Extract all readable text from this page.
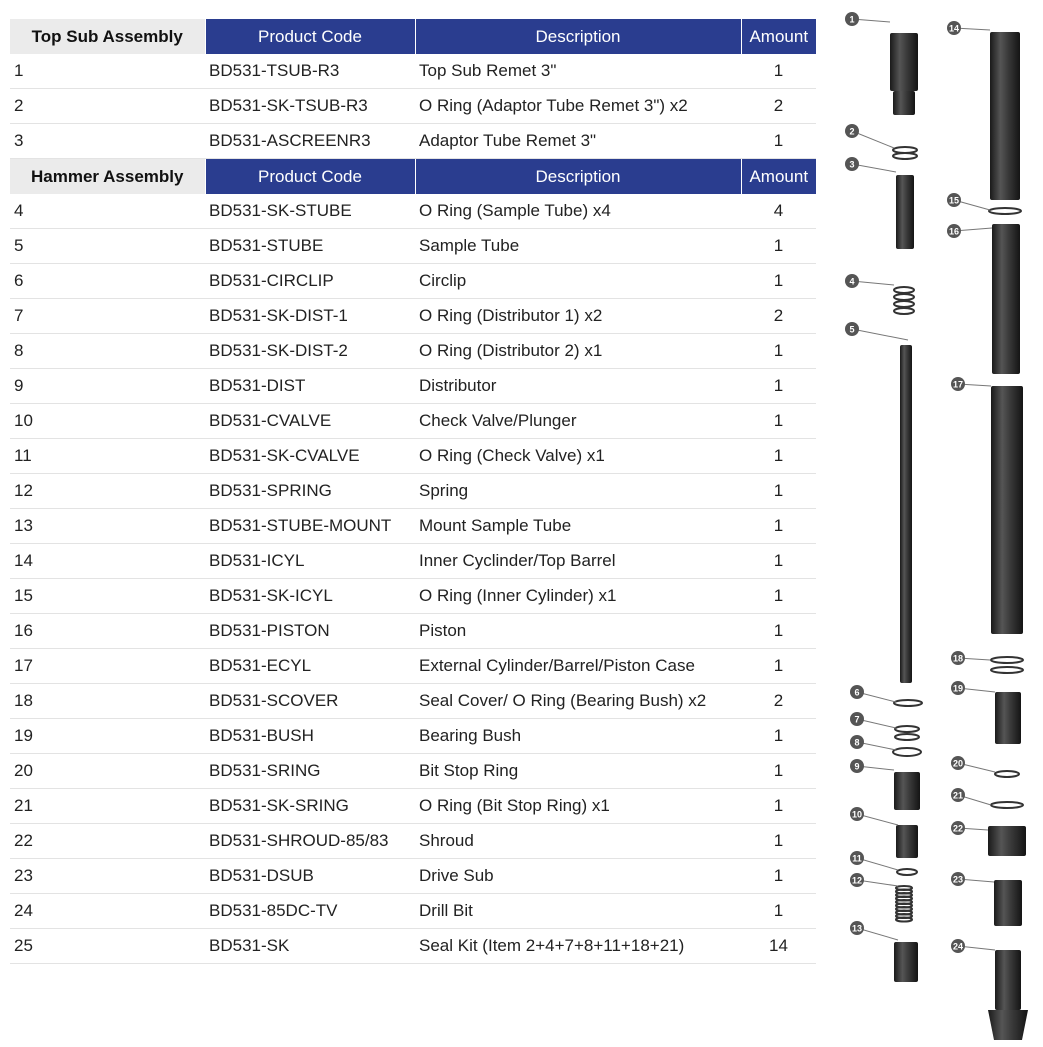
Top Sub Assembly	Product Code	Description	Amount
1	BD531-TSUB-R3	Top Sub Remet 3"	1
2	BD531-SK-TSUB-R3	O Ring (Adaptor Tube Remet 3") x2	2
3	BD531-ASCREENR3	Adaptor Tube Remet 3"	1
Hammer Assembly	Product Code	Description	Amount
4	BD531-SK-STUBE	O Ring (Sample Tube) x4	4
5	BD531-STUBE	Sample Tube	1
6	BD531-CIRCLIP	Circlip	1
7	BD531-SK-DIST-1	O Ring (Distributor 1) x2	2
8	BD531-SK-DIST-2	O Ring (Distributor 2) x1	1
9	BD531-DIST	Distributor	1
10	BD531-CVALVE	Check Valve/Plunger	1
11	BD531-SK-CVALVE	O Ring (Check Valve) x1	1
12	BD531-SPRING	Spring	1
13	BD531-STUBE-MOUNT	Mount Sample Tube	1
14	BD531-ICYL	Inner Cyclinder/Top Barrel	1
15	BD531-SK-ICYL	O Ring (Inner Cylinder) x1	1
16	BD531-PISTON	Piston	1
17	BD531-ECYL	External Cylinder/Barrel/Piston Case	1
18	BD531-SCOVER	Seal Cover/ O Ring (Bearing Bush) x2	2
19	BD531-BUSH	Bearing Bush	1
20	BD531-SRING	Bit Stop Ring	1
21	BD531-SK-SRING	O Ring (Bit Stop Ring) x1	1
22	BD531-SHROUD-85/83	Shroud	1
23	BD531-DSUB	Drive Sub	1
24	BD531-85DC-TV	Drill Bit	1
25	BD531-SK	Seal Kit (Item 2+4+7+8+11+18+21)	14
1
2
3
4
5
6
7
8
9
10
11
12
13
14
15
16
17
18
19
20
21
22
23
24
